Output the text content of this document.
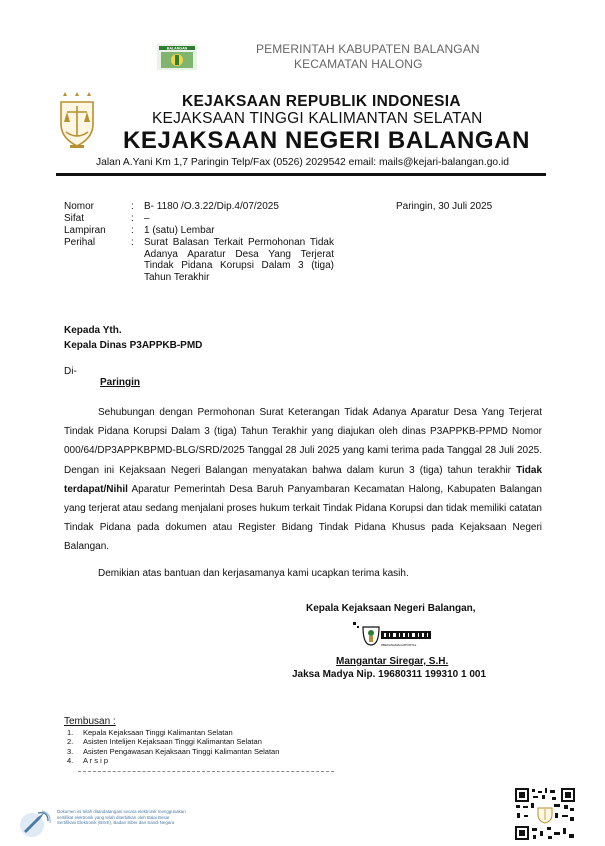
BALANGAN	PEMERINTAH KABUPATEN BALANGAN
KECAMATAN HALONG
KEJAKSAAN REPUBLIK INDONESIA
KEJAKSAAN TINGGI KALIMANTAN SELATAN
KEJAKSAAN NEGERI BALANGAN
Jalan A.Yani Km 1,7 Paringin Telp/Fax (0526) 2029542 email: mails@kejari-balangan.go.id
Nomor	:	B- 1180 /O.3.22/Dip.4/07/2025	Paringin, 30 Juli 2025
Sifat	:	–
Lampiran	:	1 (satu) Lembar
Perihal	:	Surat Balasan Terkait Permohonan Tidak Adanya Aparatur Desa Yang Terjerat Tindak Pidana Korupsi Dalam 3 (tiga) Tahun Terakhir
Kepada Yth.
Kepala Dinas P3APPKB-PMD
Di-
Paringin

Sehubungan dengan Permohonan Surat Keterangan Tidak Adanya Aparatur Desa Yang Terjerat Tindak Pidana Korupsi Dalam 3 (tiga) Tahun Terakhir yang diajukan oleh dinas P3APPKB-PPMD Nomor 000/64/DP3APPKBPMD-BLG/SRD/2025 Tanggal 28 Juli 2025 yang kami terima pada Tanggal 28 Juli 2025. Dengan ini Kejaksaan Negeri Balangan menyatakan bahwa dalam kurun 3 (tiga) tahun terakhir Tidak terdapat/Nihil Aparatur Pemerintah Desa Baruh Panyambaran Kecamatan Halong, Kabupaten Balangan yang terjerat atau sedang menjalani proses hukum terkait Tindak Pidana Korupsi dan tidak memiliki catatan Tindak Pidana pada dokumen atau Register Bidang Tindak Pidana Khusus pada Kejaksaan Negeri Balangan.

Demikian atas bantuan dan kerjasamanya kami ucapkan terima kasih.
Kepala Kejaksaan Negeri Balangan,
#BEDANAMACHIPORTAL
Mangantar Siregar, S.H.
Jaksa Madya Nip. 19680311 199310 1 001
Tembusan :
1. Kepala Kejaksaan Tinggi Kalimantan Selatan
2. Asisten Intelijen Kejaksaan Tinggi Kalimantan Selatan
3. Asisten Pengawasan Kejaksaan Tinggi Kalimantan Selatan
4. A r s i p
Dokumen ini telah ditandatangani secara elektronik menggunakan sertifikat elektronik yang telah diterbitkan oleh Balai Besar Sertifikasi Elektronik (BSrE), Badan Siber dan Sandi Negara
